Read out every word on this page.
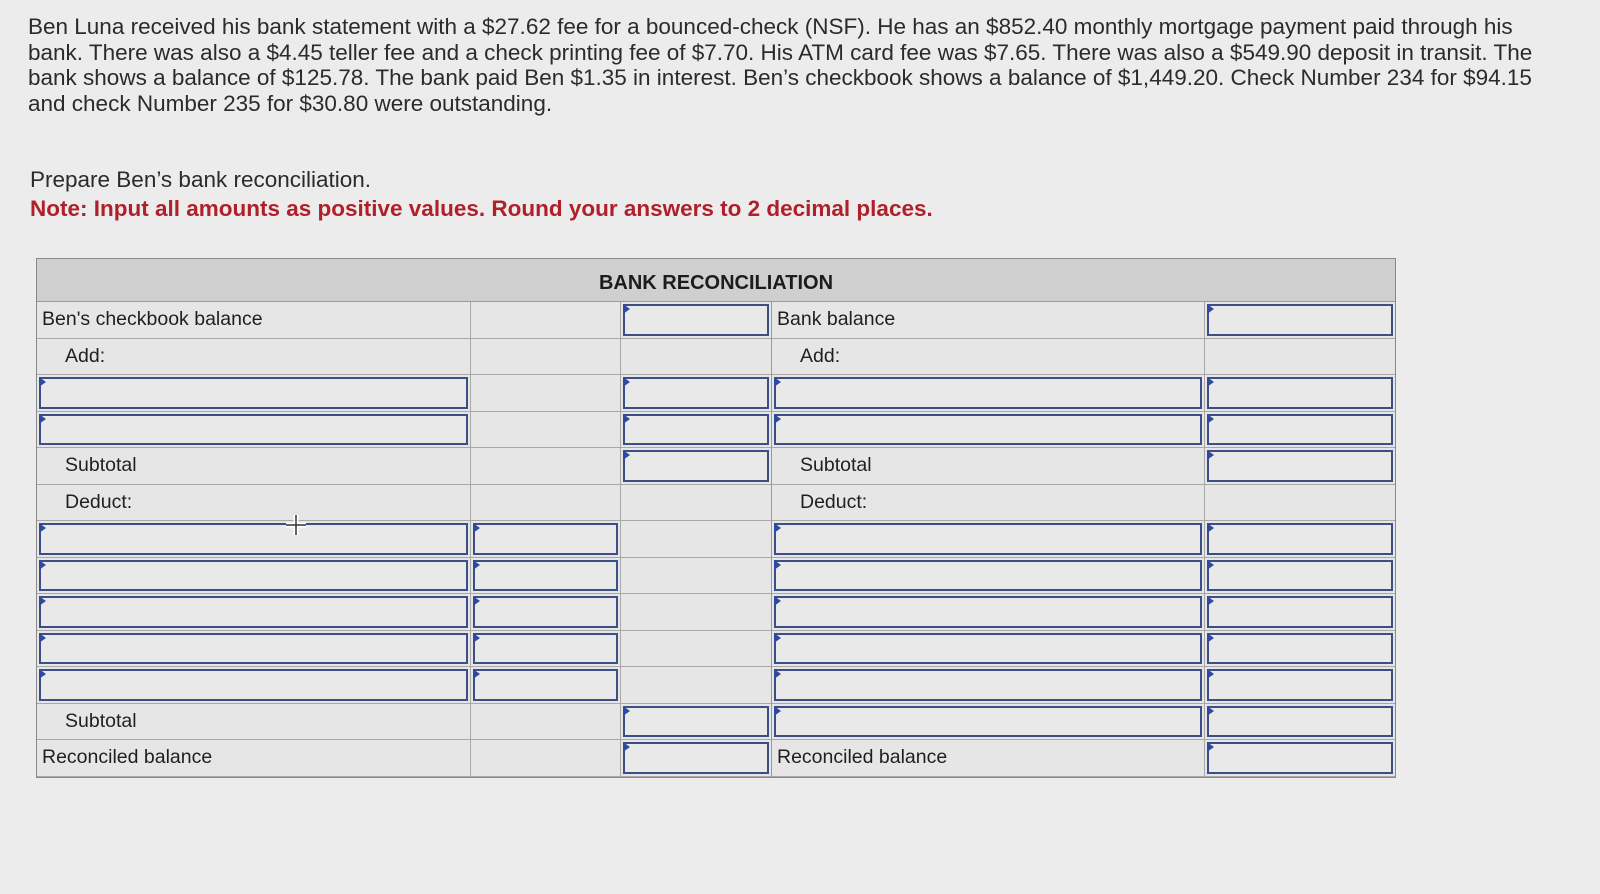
Ben Luna received his bank statement with a $27.62 fee for a bounced-check (NSF). He has an $852.40 monthly mortgage payment paid through his bank. There was also a $4.45 teller fee and a check printing fee of $7.70. His ATM card fee was $7.65. There was also a $549.90 deposit in transit. The bank shows a balance of $125.78. The bank paid Ben $1.35 in interest. Ben’s checkbook shows a balance of $1,449.20. Check Number 234 for $94.15 and check Number 235 for $30.80 were outstanding.

Prepare Ben’s bank reconciliation.
Note: Input all amounts as positive values. Round your answers to 2 decimal places.
BANK RECONCILIATION
Ben's checkbook balance
Add:
Subtotal
Deduct:
Subtotal
Reconciled balance
Bank balance
Add:
Subtotal
Deduct:
Reconciled balance
